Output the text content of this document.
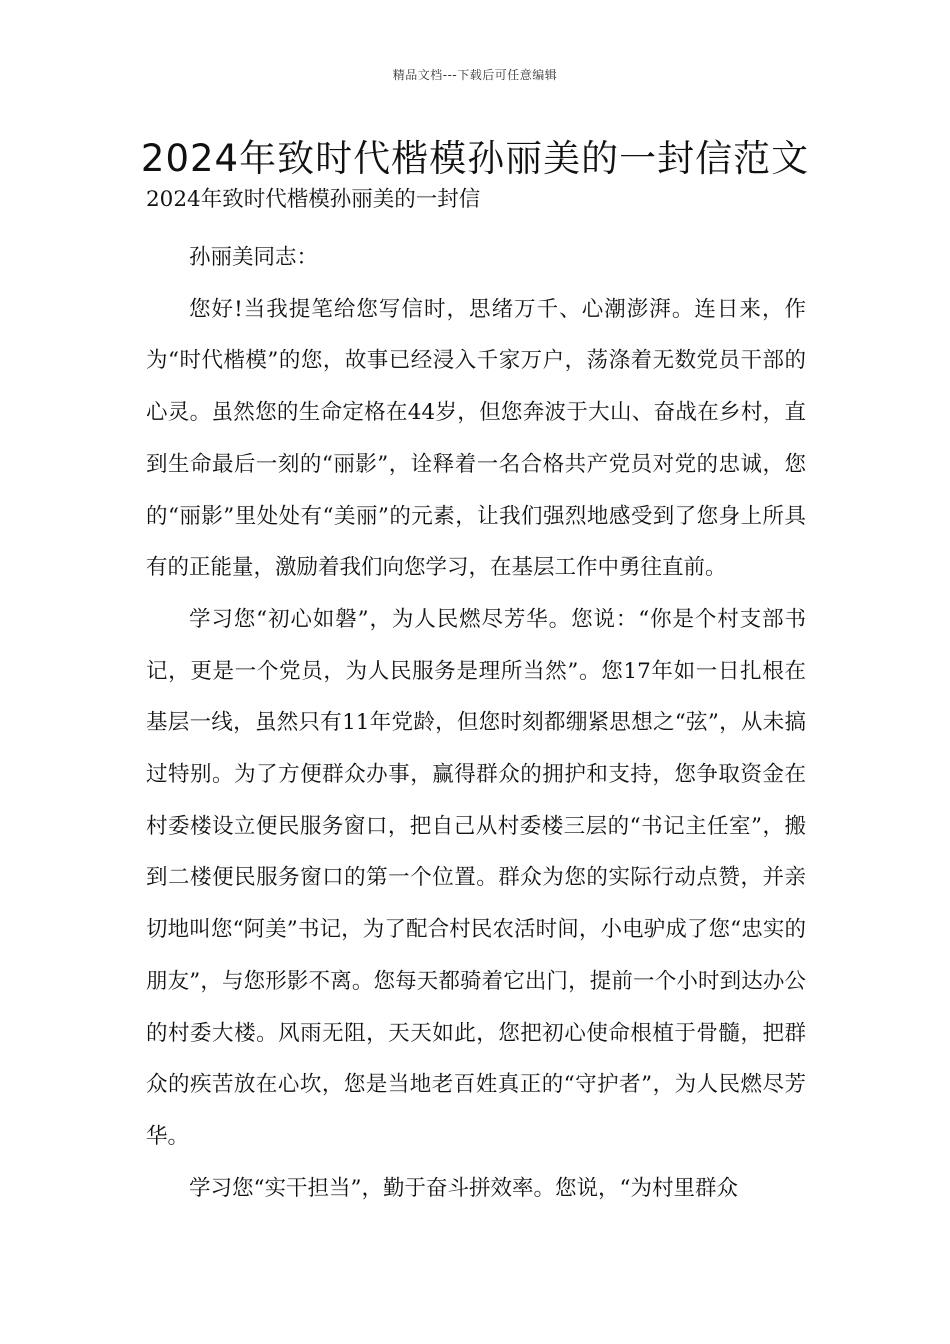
精品文档---下载后可任意编辑
2024年致时代楷模孙丽美的一封信范文

2024年致时代楷模孙丽美的一封信

孙丽美同志：

您好!当我提笔给您写信时，思绪万千、心潮澎湃。连日来，作为“时代楷模”的您，故事已经浸入千家万户，荡涤着无数党员干部的心灵。虽然您的生命定格在44岁，但您奔波于大山、奋战在乡村，直到生命最后一刻的“丽影”，诠释着一名合格共产党员对党的忠诚，您的“丽影”里处处有“美丽”的元素，让我们强烈地感受到了您身上所具有的正能量，激励着我们向您学习，在基层工作中勇往直前。

学习您“初心如磐”，为人民燃尽芳华。您说：“你是个村支部书记，更是一个党员，为人民服务是理所当然”。您17年如一日扎根在基层一线，虽然只有11年党龄，但您时刻都绷紧思想之“弦”，从未搞过特别。为了方便群众办事，赢得群众的拥护和支持，您争取资金在村委楼设立便民服务窗口，把自己从村委楼三层的“书记主任室”，搬到二楼便民服务窗口的第一个位置。群众为您的实际行动点赞，并亲切地叫您“阿美”书记，为了配合村民农活时间，小电驴成了您“忠实的朋友”，与您形影不离。您每天都骑着它出门，提前一个小时到达办公的村委大楼。风雨无阻，天天如此，您把初心使命根植于骨髓，把群众的疾苦放在心坎，您是当地老百姓真正的“守护者”，为人民燃尽芳华。

学习您“实干担当”，勤于奋斗拼效率。您说，“为村里群众
